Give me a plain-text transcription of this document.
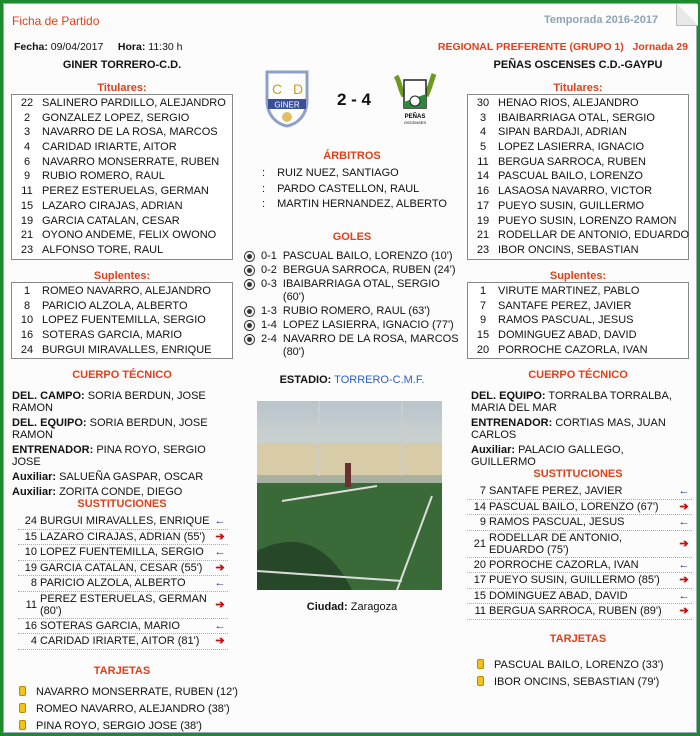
Ficha de Partido	Temporada 2016-2017
Fecha: 09/04/2017 Hora: 11:30 h	REGIONAL PREFERENTE (GRUPO 1) Jornada 29
GINER TORRERO-C.D.	PEÑAS OSCENSES C.D.-GAYPU
C D
GINER	2 - 4
PEÑAS
OSCENSES
Titulares:
22 SALINERO PARDILLO, ALEJANDRO
2	GONZALEZ LOPEZ, SERGIO
3	NAVARRO DE LA ROSA, MARCOS
4	CARIDAD IRIARTE, AITOR
6	NAVARRO MONSERRATE, RUBEN
9	RUBIO ROMERO, RAUL
11 PEREZ ESTERUELAS, GERMAN
15 LAZARO CIRAJAS, ADRIAN
19 GARCIA CATALAN, CESAR
21 OYONO ANDEME, FELIX OWONO
23 ALFONSO TORE, RAUL
Suplentes:
1	ROMEO NAVARRO, ALEJANDRO
8	PARICIO ALZOLA, ALBERTO
10 LOPEZ FUENTEMILLA, SERGIO
16 SOTERAS GARCIA, MARIO
24 BURGUI MIRAVALLES, ENRIQUE
Titulares:
30 HENAO RIOS, ALEJANDRO
3	IBAIBARRIAGA OTAL, SERGIO
4	SIPAN BARDAJI, ADRIAN
5	LOPEZ LASIERRA, IGNACIO
11 BERGUA SARROCA, RUBEN
14 PASCUAL BAILO, LORENZO
16 LASAOSA NAVARRO, VICTOR
17 PUEYO SUSIN, GUILLERMO
19 PUEYO SUSIN, LORENZO RAMON
21 RODELLAR DE ANTONIO, EDUARDO
23 IBOR ONCINS, SEBASTIAN
Suplentes:
1	VIRUTE MARTINEZ, PABLO
7	SANTAFE PEREZ, JAVIER
9	RAMOS PASCUAL, JESUS
15 DOMINGUEZ ABAD, DAVID
20 PORROCHE CAZORLA, IVAN
ÁRBITROS
: RUIZ NUEZ, SANTIAGO
: PARDO CASTELLON, RAUL
: MARTIN HERNANDEZ, ALBERTO
GOLES
0-1 PASCUAL BAILO, LORENZO (10')
0-2 BERGUA SARROCA, RUBEN (24')
0-3 IBAIBARRIAGA OTAL, SERGIO (60')
1-3 RUBIO ROMERO, RAUL (63')
1-4 LOPEZ LASIERRA, IGNACIO (77')
2-4 NAVARRO DE LA ROSA, MARCOS (80')
ESTADIO: TORRERO-C.M.F.
Ciudad: Zaragoza
CUERPO TÉCNICO

DEL. CAMPO: SORIA BERDUN, JOSE RAMON

DEL. EQUIPO: SORIA BERDUN, JOSE RAMON

ENTRENADOR: PINA ROYO, SERGIO JOSE

Auxiliar: SALUEÑA GASPAR, OSCAR

Auxiliar: ZORITA CONDE, DIEGO

SUSTITUCIONES
24 BURGUI MIRAVALLES, ENRIQUE ←
15 LAZARO CIRAJAS, ADRIAN (55') ➔
10 LOPEZ FUENTEMILLA, SERGIO ←
19 GARCIA CATALAN, CESAR (55')	➔
8 PARICIO ALZOLA, ALBERTO	←
11 PEREZ ESTERUELAS, GERMAN (80')	➔
16 SOTERAS GARCIA, MARIO	←
4 CARIDAD IRIARTE, AITOR (81')	➔
TARJETAS
NAVARRO MONSERRATE, RUBEN (12')
ROMEO NAVARRO, ALEJANDRO (38')
PINA ROYO, SERGIO JOSE (38')
CUERPO TÉCNICO

DEL. EQUIPO: TORRALBA TORRALBA, MARIA DEL MAR

ENTRENADOR: CORTIAS MAS, JUAN CARLOS

Auxiliar: PALACIO GALLEGO, GUILLERMO

SUSTITUCIONES
7 SANTAFE PEREZ, JAVIER	←
14 PASCUAL BAILO, LORENZO (67')	➔
9 RAMOS PASCUAL, JESUS	←
21 RODELLAR DE ANTONIO, EDUARDO (75')	➔
20 PORROCHE CAZORLA, IVAN	←
17 PUEYO SUSIN, GUILLERMO (85')	➔
15 DOMINGUEZ ABAD, DAVID	←
11 BERGUA SARROCA, RUBEN (89')	➔
TARJETAS
PASCUAL BAILO, LORENZO (33')
IBOR ONCINS, SEBASTIAN (79')
